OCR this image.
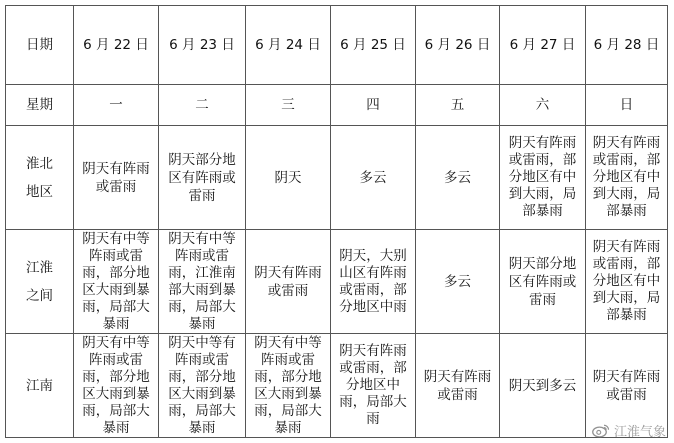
日期	6 月 22 日	6 月 23 日	6 月 24 日	6 月 25 日	6 月 26 日	6 月 27 日	6 月 28 日

星期	一	二	三	四	五	六	日

淮北
地区	阴天有阵雨或雷雨	阴天部分地区有阵雨或雷雨	阴天	多云	多云	阴天有阵雨或雷雨，部分地区有中到大雨，局部暴雨	阴天有阵雨或雷雨，部分地区有中到大雨，局部暴雨

江淮
之间	阴天有中等阵雨或雷雨，部分地区大雨到暴雨，局部大暴雨	阴天有中等阵雨或雷雨，江淮南部大雨到暴雨，局部大暴雨	阴天有阵雨或雷雨	阴天，大别山区有阵雨或雷雨，部分地区中雨	多云	阴天部分地区有阵雨或雷雨	阴天有阵雨或雷雨，部分地区有中到大雨，局部暴雨

江南	阴天有中等阵雨或雷雨，部分地区大雨到暴雨，局部大暴雨	阴天中等有阵雨或雷雨，部分地区大雨到暴雨，局部大暴雨	阴天有中等阵雨或雷雨，部分地区大雨到暴雨，局部大暴雨	阴天有阵雨或雷雨，部分地区中雨，局部大雨	阴天有阵雨或雷雨	阴天到多云	阴天有阵雨或雷雨
江淮气象
